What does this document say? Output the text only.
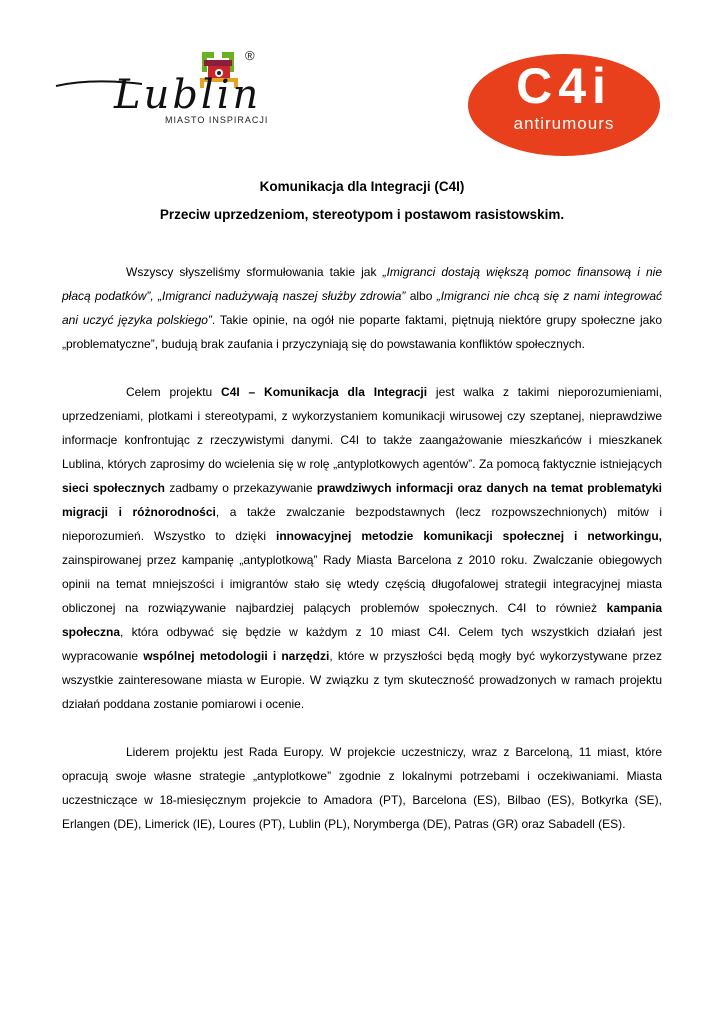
Lublin
MIASTO INSPIRACJI
®
C4i
antirumours
Komunikacja dla Integracji (C4I)
Przeciw uprzedzeniom, stereotypom i postawom rasistowskim.

Wszyscy słyszeliśmy sformułowania takie jak „Imigranci dostają większą pomoc finansową i nie płacą podatków”, „Imigranci nadużywają naszej służby zdrowia” albo „Imigranci nie chcą się z nami integrować ani uczyć języka polskiego”. Takie opinie, na ogół nie poparte faktami, piętnują niektóre grupy społeczne jako „problematyczne”, budują brak zaufania i przyczyniają się do powstawania konfliktów społecznych.

Celem projektu C4I – Komunikacja dla Integracji jest walka z takimi nieporozumieniami, uprzedzeniami, plotkami i stereotypami, z wykorzystaniem komunikacji wirusowej czy szeptanej, nieprawdziwe informacje konfrontując z rzeczywistymi danymi. C4I to także zaangażowanie mieszkańców i mieszkanek Lublina, których zaprosimy do wcielenia się w rolę „antyplotkowych agentów”. Za pomocą faktycznie istniejących sieci społecznych zadbamy o przekazywanie prawdziwych informacji oraz danych na temat problematyki migracji i różnorodności, a także zwalczanie bezpodstawnych (lecz rozpowszechnionych) mitów i nieporozumień. Wszystko to dzięki innowacyjnej metodzie komunikacji społecznej i networkingu, zainspirowanej przez kampanię „antyplotkową” Rady Miasta Barcelona z 2010 roku. Zwalczanie obiegowych opinii na temat mniejszości i imigrantów stało się wtedy częścią długofalowej strategii integracyjnej miasta obliczonej na rozwiązywanie najbardziej palących problemów społecznych. C4I to również kampania społeczna, która odbywać się będzie w każdym z 10 miast C4I. Celem tych wszystkich działań jest wypracowanie wspólnej metodologii i narzędzi, które w przyszłości będą mogły być wykorzystywane przez wszystkie zainteresowane miasta w Europie. W związku z tym skuteczność prowadzonych w ramach projektu działań poddana zostanie pomiarowi i ocenie.

Liderem projektu jest Rada Europy. W projekcie uczestniczy, wraz z Barceloną, 11 miast, które opracują swoje własne strategie „antyplotkowe” zgodnie z lokalnymi potrzebami i oczekiwaniami. Miasta uczestniczące w 18-miesięcznym projekcie to Amadora (PT), Barcelona (ES), Bilbao (ES), Botkyrka (SE), Erlangen (DE), Limerick (IE), Loures (PT), Lublin (PL), Norymberga (DE), Patras (GR) oraz Sabadell (ES).
